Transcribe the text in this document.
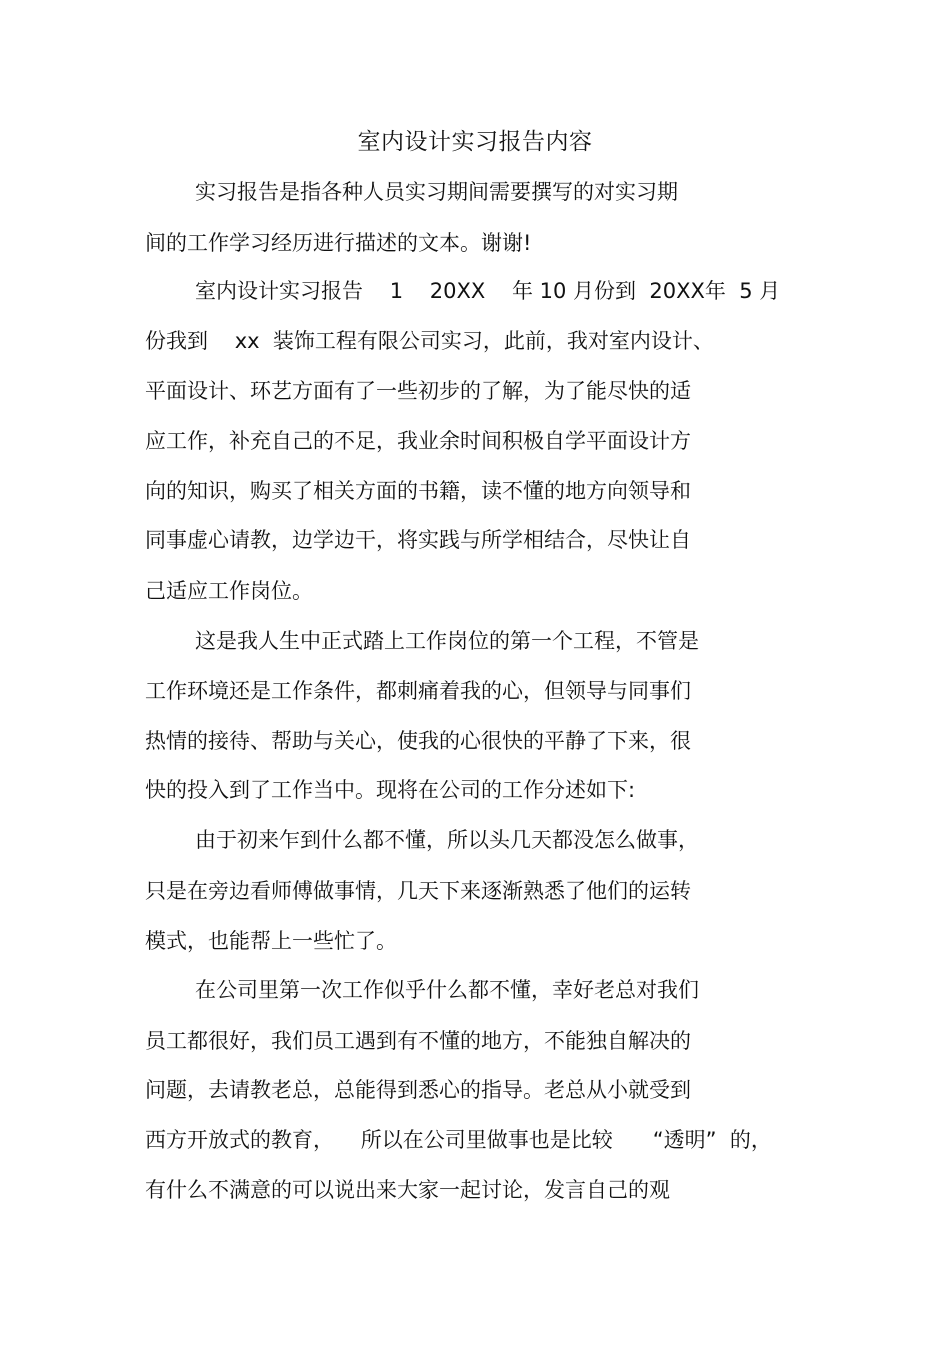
室内设计实习报告内容

实习报告是指各种人员实习期间需要撰写的对实习期

间的工作学习经历进行描述的文本。谢谢!

室内设计实习报告    1    20XX    年 10 月份到  20XX年  5 月

份我到    xx  装饰工程有限公司实习，此前，我对室内设计、

平面设计、环艺方面有了一些初步的了解，为了能尽快的适

应工作，补充自己的不足，我业余时间积极自学平面设计方

向的知识，购买了相关方面的书籍，读不懂的地方向领导和

同事虚心请教，边学边干，将实践与所学相结合，尽快让自

己适应工作岗位。

这是我人生中正式踏上工作岗位的第一个工程，不管是

工作环境还是工作条件，都刺痛着我的心，但领导与同事们

热情的接待、帮助与关心，使我的心很快的平静了下来，很

快的投入到了工作当中。现将在公司的工作分述如下:

由于初来乍到什么都不懂，所以头几天都没怎么做事，

只是在旁边看师傅做事情，几天下来逐渐熟悉了他们的运转

模式，也能帮上一些忙了。

在公司里第一次工作似乎什么都不懂，幸好老总对我们

员工都很好，我们员工遇到有不懂的地方，不能独自解决的

问题，去请教老总，总能得到悉心的指导。老总从小就受到

西方开放式的教育，    所以在公司里做事也是比较      “透明”  的，

有什么不满意的可以说出来大家一起讨论，发言自己的观
